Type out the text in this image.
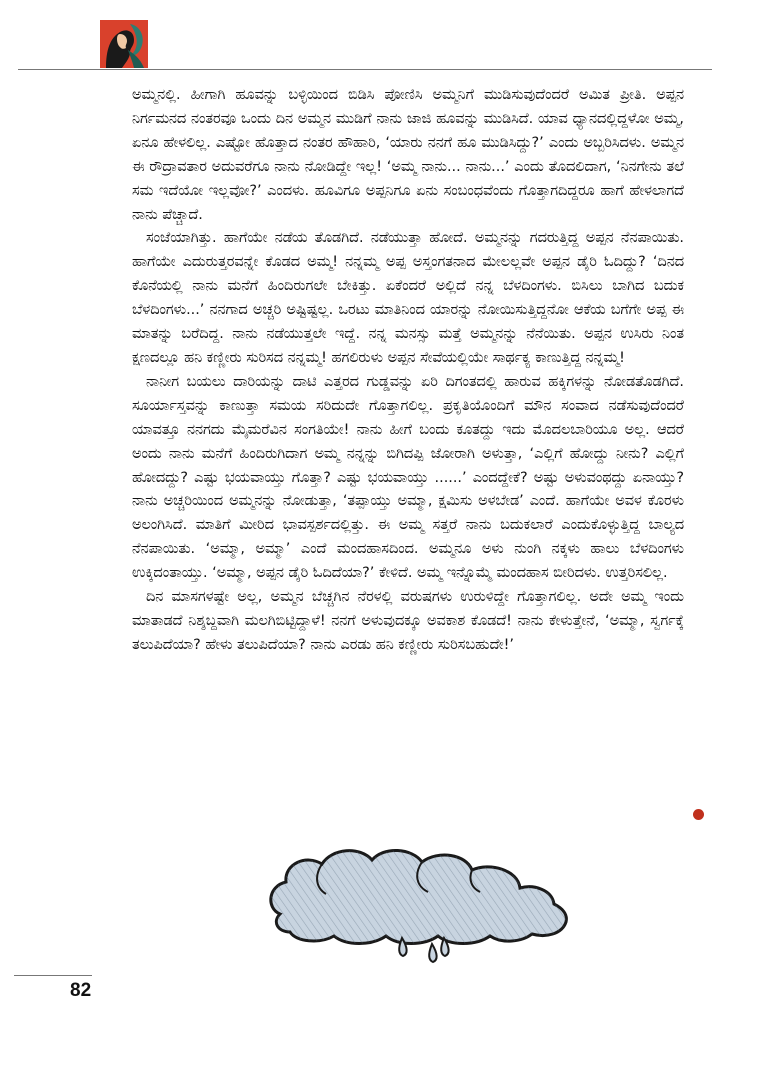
ಅಮ್ಮನಲ್ಲಿ. ಹೀಗಾಗಿ ಹೂವನ್ನು ಬಳ್ಳಿಯಿಂದ ಬಿಡಿಸಿ ಪೋಣಿಸಿ ಅಮ್ಮನಿಗೆ ಮುಡಿಸುವುದೆಂದರೆ ಅಮಿತ ಪ್ರೀತಿ. ಅಪ್ಪನ ನಿರ್ಗಮನದ ನಂತರವೂ ಒಂದು ದಿನ ಅಮ್ಮನ ಮುಡಿಗೆ ನಾನು ಜಾಜಿ ಹೂವನ್ನು ಮುಡಿಸಿದೆ. ಯಾವ ಧ್ಯಾನದಲ್ಲಿದ್ದಳೋ ಅಮ್ಮ, ಏನೂ ಹೇಳಲಿಲ್ಲ. ಎಷ್ಟೋ ಹೊತ್ತಾದ ನಂತರ ಹೌಹಾರಿ, ‘ಯಾರು ನನಗೆ ಹೂ ಮುಡಿಸಿದ್ದು?’ ಎಂದು ಅಬ್ಬರಿಸಿದಳು. ಅಮ್ಮನ ಈ ರೌದ್ರಾವತಾರ ಅದುವರೆಗೂ ನಾನು ನೋಡಿದ್ದೇ ಇಲ್ಲ! ‘ಅಮ್ಮ ನಾನು... ನಾನು...’ ಎಂದು ತೊದಲಿದಾಗ, ‘ನಿನಗೇನು ತಲೆ ಸಮ ಇದೆಯೋ ಇಲ್ಲವೋ?’ ಎಂದಳು. ಹೂವಿಗೂ ಅಪ್ಪನಿಗೂ ಏನು ಸಂಬಂಧವೆಂದು ಗೊತ್ತಾಗದಿದ್ದರೂ ಹಾಗೆ ಹೇಳಲಾಗದೆ ನಾನು ಪೆಚ್ಚಾದೆ.

ಸಂಜೆಯಾಗಿತ್ತು. ಹಾಗೆಯೇ ನಡೆಯ ತೊಡಗಿದೆ. ನಡೆಯುತ್ತಾ ಹೋದೆ. ಅಮ್ಮನನ್ನು ಗದರುತ್ತಿದ್ದ ಅಪ್ಪನ ನೆನಪಾಯಿತು. ಹಾಗೆಯೇ ಎದುರುತ್ತರವನ್ನೇ ಕೊಡದ ಅಮ್ಮ! ನನ್ನಮ್ಮ ಅಪ್ಪ ಅಸ್ತಂಗತನಾದ ಮೇಲಲ್ಲವೇ ಅಪ್ಪನ ಡೈರಿ ಓದಿದ್ದು? ‘ದಿನದ ಕೊನೆಯಲ್ಲಿ ನಾನು ಮನೆಗೆ ಹಿಂದಿರುಗಲೇ ಬೇಕಿತ್ತು. ಏಕೆಂದರೆ ಅಲ್ಲಿದೆ ನನ್ನ ಬೆಳದಿಂಗಳು. ಬಿಸಿಲು ಬಾಗಿದ ಬದುಕ ಬೆಳದಿಂಗಳು...’ ನನಗಾದ ಅಚ್ಚರಿ ಅಷ್ಟಿಷ್ಟಲ್ಲ. ಒರಟು ಮಾತಿನಿಂದ ಯಾರನ್ನು ನೋಯಿಸುತ್ತಿದ್ದನೋ ಆಕೆಯ ಬಗೆಗೇ ಅಪ್ಪ ಈ ಮಾತನ್ನು ಬರೆದಿದ್ದ. ನಾನು ನಡೆಯುತ್ತಲೇ ಇದ್ದೆ. ನನ್ನ ಮನಸ್ಸು ಮತ್ತೆ ಅಮ್ಮನನ್ನು ನೆನೆಯಿತು. ಅಪ್ಪನ ಉಸಿರು ನಿಂತ ಕ್ಷಣದಲ್ಲೂ ಹನಿ ಕಣ್ಣೀರು ಸುರಿಸದ ನನ್ನಮ್ಮ! ಹಗಲಿರುಳು ಅಪ್ಪನ ಸೇವೆಯಲ್ಲಿಯೇ ಸಾರ್ಥಕ್ಯ ಕಾಣುತ್ತಿದ್ದ ನನ್ನಮ್ಮ!

ನಾನೀಗ ಬಯಲು ದಾರಿಯನ್ನು ದಾಟಿ ಎತ್ತರದ ಗುಡ್ಡವನ್ನು ಏರಿ ದಿಗಂತದಲ್ಲಿ ಹಾರುವ ಹಕ್ಕಿಗಳನ್ನು ನೋಡತೊಡಗಿದೆ. ಸೂರ್ಯಾಸ್ತವನ್ನು ಕಾಣುತ್ತಾ ಸಮಯ ಸರಿದುದೇ ಗೊತ್ತಾಗಲಿಲ್ಲ. ಪ್ರಕೃತಿಯೊಂದಿಗೆ ಮೌನ ಸಂವಾದ ನಡೆಸುವುದೆಂದರೆ ಯಾವತ್ತೂ ನನಗದು ಮೈಮರೆವಿನ ಸಂಗತಿಯೇ! ನಾನು ಹೀಗೆ ಬಂದು ಕೂತದ್ದು ಇದು ಮೊದಲಬಾರಿಯೂ ಅಲ್ಲ. ಆದರೆ ಅಂದು ನಾನು ಮನೆಗೆ ಹಿಂದಿರುಗಿದಾಗ ಅಮ್ಮ ನನ್ನನ್ನು ಬಿಗಿದಪ್ಪಿ ಜೋರಾಗಿ ಅಳುತ್ತಾ, ‘ಎಲ್ಲಿಗೆ ಹೋದ್ದು ನೀನು? ಎಲ್ಲಿಗೆ ಹೋದದ್ದು? ಎಷ್ಟು ಭಯವಾಯ್ತು ಗೊತ್ತಾ? ಎಷ್ಟು ಭಯವಾಯ್ತು ......’ ಎಂದದ್ದೇಕೆ? ಅಷ್ಟು ಅಳುವಂಥದ್ದು ಏನಾಯ್ತು? ನಾನು ಅಚ್ಚರಿಯಿಂದ ಅಮ್ಮನನ್ನು ನೋಡುತ್ತಾ, ‘ತಪ್ಪಾಯ್ತು ಅಮ್ಮಾ, ಕ್ಷಮಿಸು ಅಳಬೇಡ’ ಎಂದೆ. ಹಾಗೆಯೇ ಅವಳ ಕೊರಳು ಅಲಂಗಿಸಿದೆ. ಮಾತಿಗೆ ಮೀರಿದ ಭಾವಸ್ಪರ್ಶದಲ್ಲಿತ್ತು. ಈ ಅಮ್ಮ ಸತ್ತರೆ ನಾನು ಬದುಕಲಾರೆ ಎಂದುಕೊಳ್ಳುತ್ತಿದ್ದ ಬಾಲ್ಯದ ನೆನಪಾಯಿತು. ‘ಅಮ್ಮಾ, ಅಮ್ಮಾ’ ಎಂದೆ ಮಂದಹಾಸದಿಂದ. ಅಮ್ಮನೂ ಅಳು ನುಂಗಿ ನಕ್ಕಳು ಹಾಲು ಬೆಳದಿಂಗಳು ಉಕ್ಕಿದಂತಾಯ್ತು. ‘ಅಮ್ಮಾ, ಅಪ್ಪನ ಡೈರಿ ಓದಿದೆಯಾ?’ ಕೇಳಿದೆ. ಅಮ್ಮ ಇನ್ನೊಮ್ಮೆ ಮಂದಹಾಸ ಬೀರಿದಳು. ಉತ್ತರಿಸಲಿಲ್ಲ.

ದಿನ ಮಾಸಗಳಷ್ಟೇ ಅಲ್ಲ, ಅಮ್ಮನ ಬೆಚ್ಚಗಿನ ನೆರಳಲ್ಲಿ ವರುಷಗಳು ಉರುಳಿದ್ದೇ ಗೊತ್ತಾಗಲಿಲ್ಲ. ಅದೇ ಅಮ್ಮ ಇಂದು ಮಾತಾಡದೆ ನಿಶ್ಶಬ್ದವಾಗಿ ಮಲಗಿಬಿಟ್ಟಿದ್ದಾಳೆ! ನನಗೆ ಅಳುವುದಕ್ಕೂ ಅವಕಾಶ ಕೊಡದೆ! ನಾನು ಕೇಳುತ್ತೇನೆ, ‘ಅಮ್ಮಾ, ಸ್ವರ್ಗಕ್ಕೆ ತಲುಪಿದೆಯಾ? ಹೇಳು ತಲುಪಿದೆಯಾ? ನಾನು ಎರಡು ಹನಿ ಕಣ್ಣೀರು ಸುರಿಸಬಹುದೇ!’

82
